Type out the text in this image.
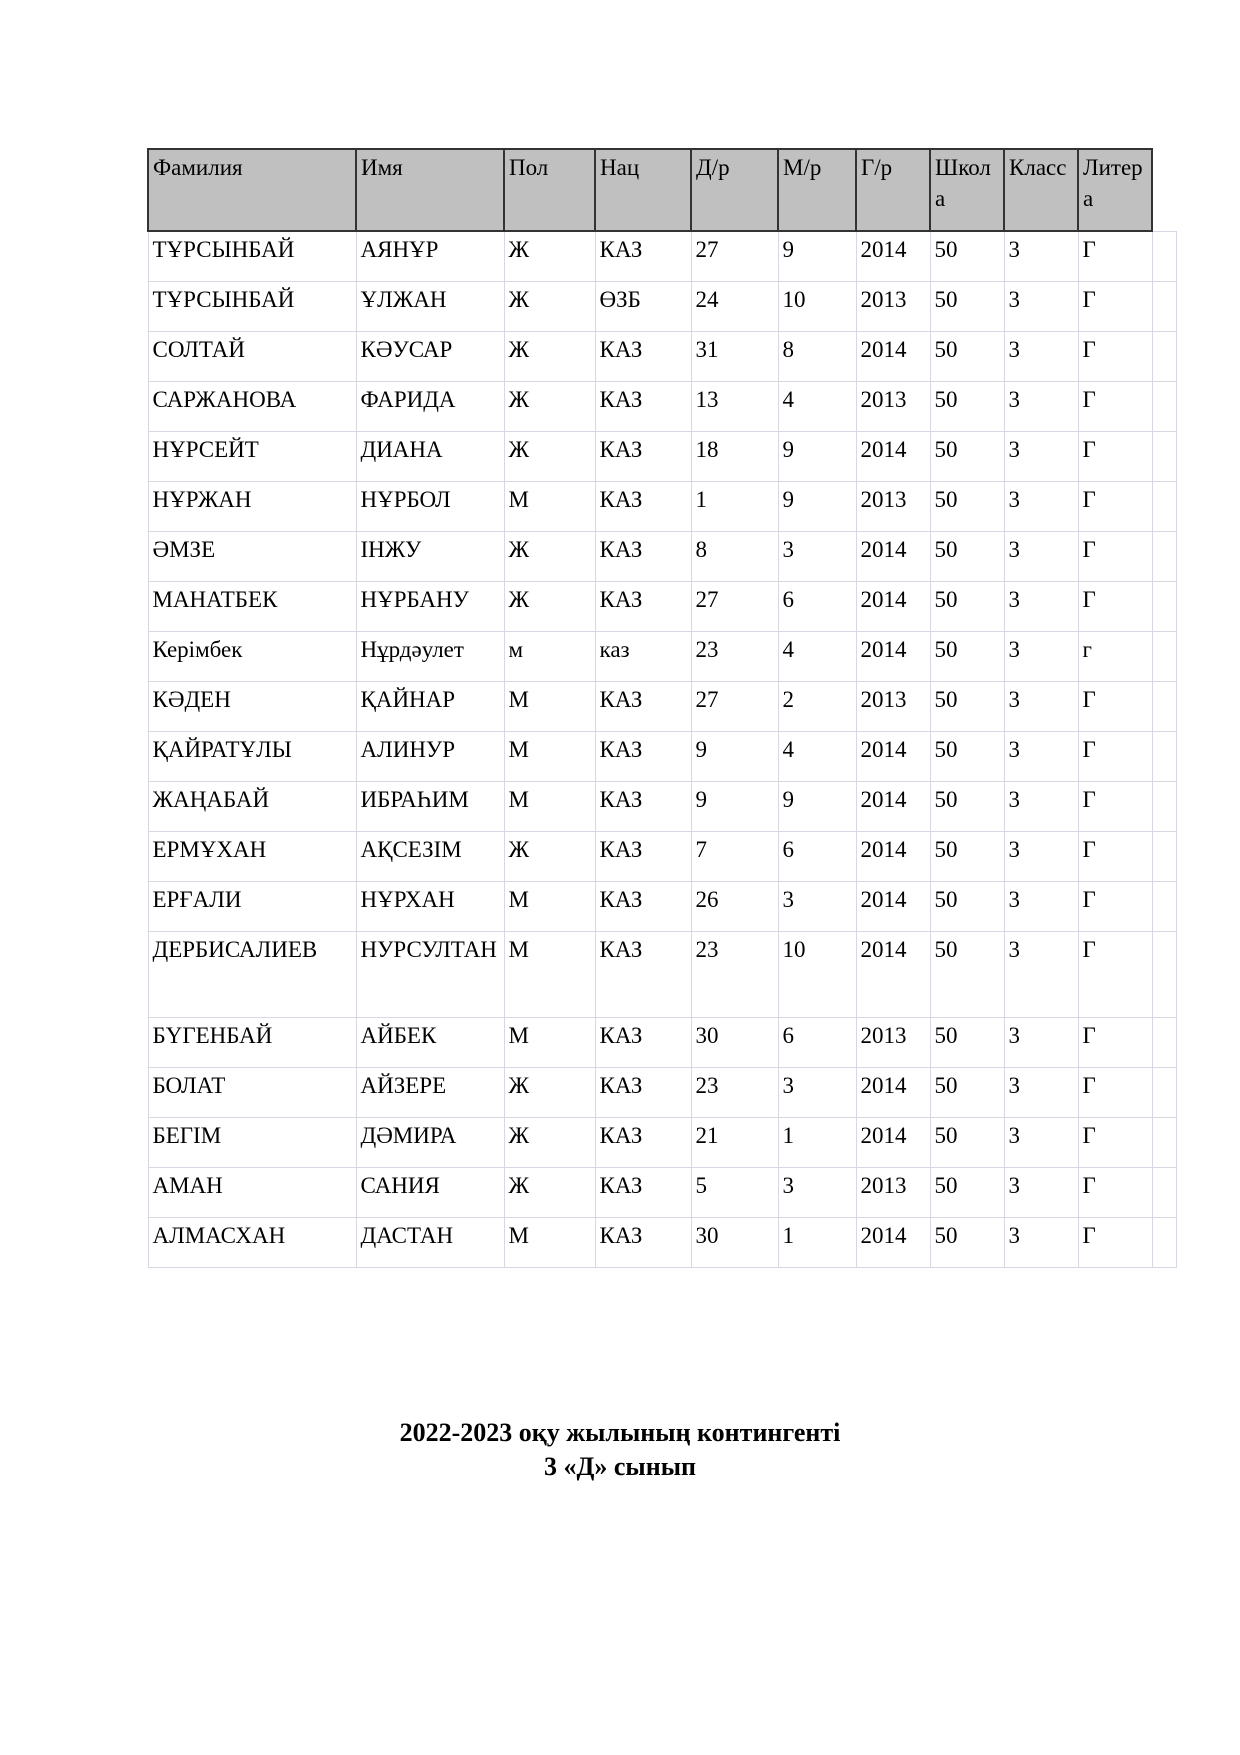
Фамилия	Имя	Пол	Нац	Д/р	М/р	Г/р	Школа	Класс	Литера	
ТҰРСЫНБАЙ	АЯНҰР	Ж	КАЗ	27	9	2014	50	3	Г	
ТҰРСЫНБАЙ	ҰЛЖАН	Ж	ӨЗБ	24	10	2013	50	3	Г	
СОЛТАЙ	КӘУСАР	Ж	КАЗ	31	8	2014	50	3	Г	
САРЖАНОВА	ФАРИДА	Ж	КАЗ	13	4	2013	50	3	Г	
НҰРСЕЙТ	ДИАНА	Ж	КАЗ	18	9	2014	50	3	Г	
НҰРЖАН	НҰРБОЛ	М	КАЗ	1	9	2013	50	3	Г	
ӘМЗЕ	ІНЖУ	Ж	КАЗ	8	3	2014	50	3	Г	
МАНАТБЕК	НҰРБАНУ	Ж	КАЗ	27	6	2014	50	3	Г	
Керімбек	Нұрдәулет	м	каз	23	4	2014	50	3	г	
КӘДЕН	ҚАЙНАР	М	КАЗ	27	2	2013	50	3	Г	
ҚАЙРАТҰЛЫ	АЛИНУР	М	КАЗ	9	4	2014	50	3	Г	
ЖАҢАБАЙ	ИБРАҺИМ	М	КАЗ	9	9	2014	50	3	Г	
ЕРМҰХАН	АҚСЕЗІМ	Ж	КАЗ	7	6	2014	50	3	Г	
ЕРҒАЛИ	НҰРХАН	М	КАЗ	26	3	2014	50	3	Г	
ДЕРБИСАЛИЕВ	НУРСУЛТАН	М	КАЗ	23	10	2014	50	3	Г	
БҮГЕНБАЙ	АЙБЕК	М	КАЗ	30	6	2013	50	3	Г	
БОЛАТ	АЙЗЕРЕ	Ж	КАЗ	23	3	2014	50	3	Г	
БЕГІМ	ДӘМИРА	Ж	КАЗ	21	1	2014	50	3	Г	
АМАН	САНИЯ	Ж	КАЗ	5	3	2013	50	3	Г	
АЛМАСХАН	ДАСТАН	М	КАЗ	30	1	2014	50	3	Г	
2022-2023 оқу жылының контингенті
3 «Д» сынып
